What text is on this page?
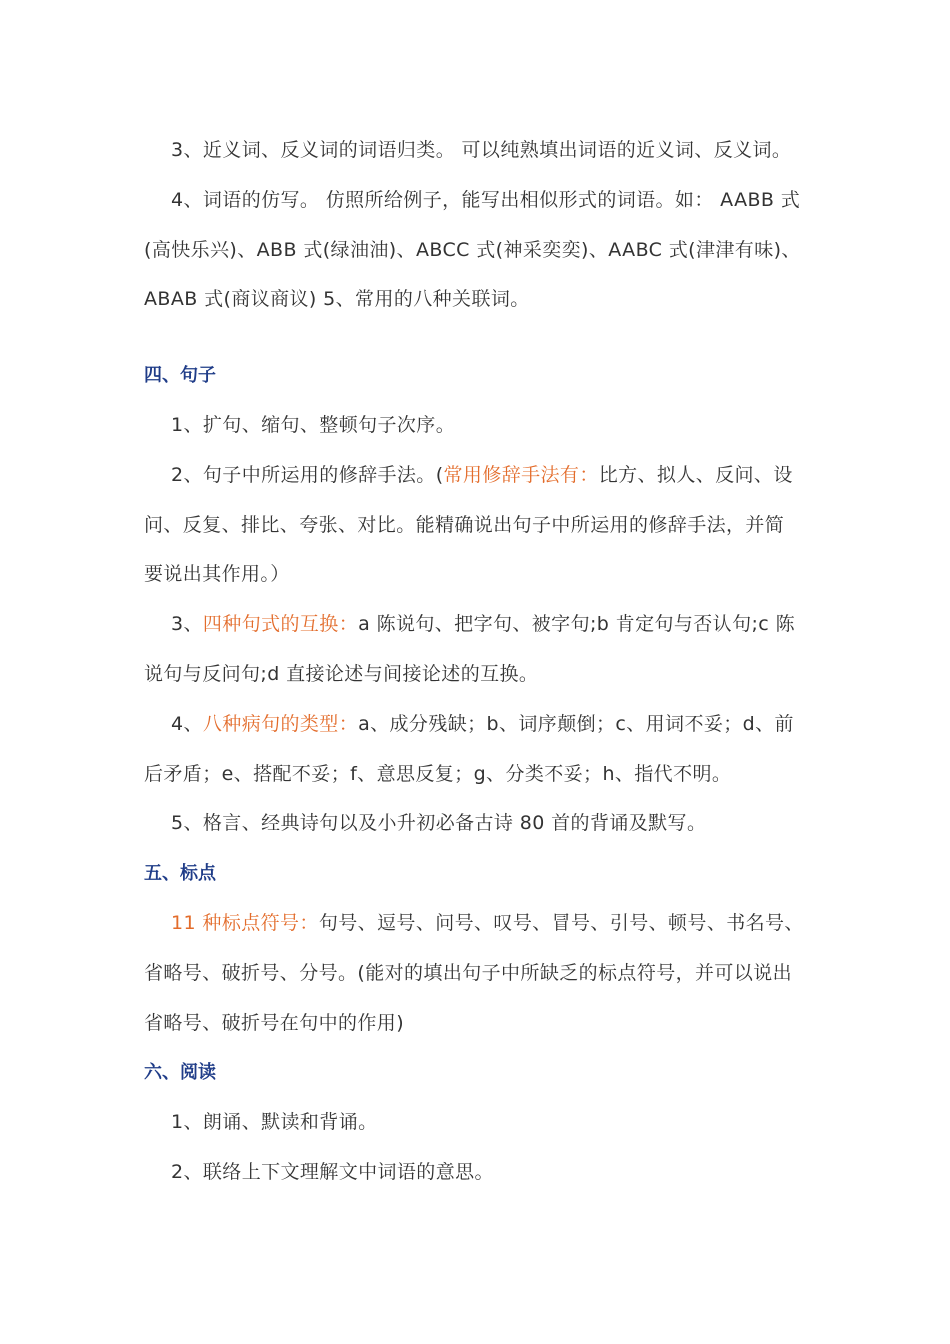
3、近义词、反义词的词语归类。 可以纯熟填出词语的近义词、反义词。

4、词语的仿写。 仿照所给例子，能写出相似形式的词语。如： AABB 式

(高快乐兴)、ABB 式(绿油油)、ABCC 式(神采奕奕)、AABC 式(津津有味)、

ABAB 式(商议商议) 5、常用的八种关联词。

四、句子

1、扩句、缩句、整顿句子次序。

2、句子中所运用的修辞手法。(常用修辞手法有：比方、拟人、反问、设

问、反复、排比、夸张、对比。能精确说出句子中所运用的修辞手法，并简

要说出其作用。）

3、四种句式的互换：a 陈说句、把字句、被字句;b 肯定句与否认句;c 陈

说句与反问句;d 直接论述与间接论述的互换。

4、八种病句的类型：a、成分残缺；b、词序颠倒；c、用词不妥；d、前

后矛盾；e、搭配不妥；f、意思反复；g、分类不妥；h、指代不明。

5、格言、经典诗句以及小升初必备古诗 80 首的背诵及默写。

五、标点

11 种标点符号：句号、逗号、问号、叹号、冒号、引号、顿号、书名号、

省略号、破折号、分号。(能对的填出句子中所缺乏的标点符号，并可以说出

省略号、破折号在句中的作用)

六、阅读

1、朗诵、默读和背诵。

2、联络上下文理解文中词语的意思。
